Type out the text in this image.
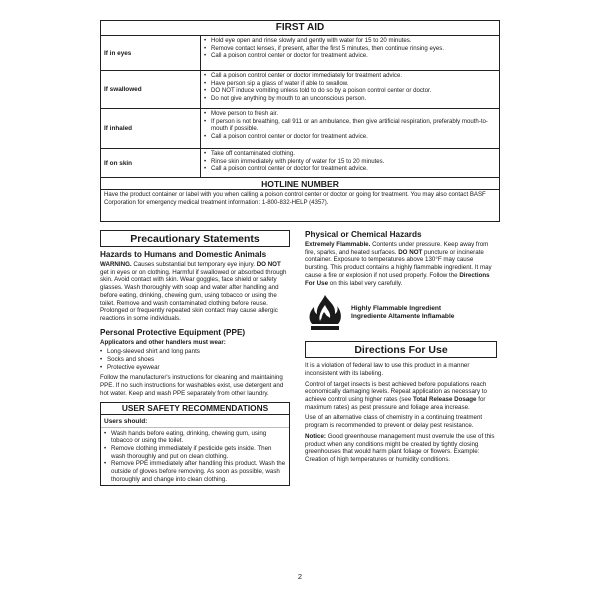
FIRST AID
If in eyes
• Hold eye open and rinse slowly and gently with water for 15 to 20 minutes.
• Remove contact lenses, if present, after the first 5 minutes, then continue rinsing eyes.
• Call a poison control center or doctor for treatment advice.
If swallowed
• Call a poison control center or doctor immediately for treatment advice.
• Have person sip a glass of water if able to swallow.
• DO NOT induce vomiting unless told to do so by a poison control center or doctor.
• Do not give anything by mouth to an unconscious person.
If inhaled
• Move person to fresh air.
• If person is not breathing, call 911 or an ambulance, then give artificial respiration, preferably mouth-to-mouth if possible.
• Call a poison control center or doctor for treatment advice.
If on skin
• Take off contaminated clothing.
• Rinse skin immediately with plenty of water for 15 to 20 minutes.
• Call a poison control center or doctor for treatment advice.
HOTLINE NUMBER
Have the product container or label with you when calling a poison control center or doctor or going for treatment. You may also contact BASF Corporation for emergency medical treatment information: 1-800-832-HELP (4357).
Precautionary Statements
Hazards to Humans and Domestic Animals

WARNING. Causes substantial but temporary eye injury. DO NOT get in eyes or on clothing. Harmful if swallowed or absorbed through skin. Avoid contact with skin. Wear goggles, face shield or safety glasses. Wash thoroughly with soap and water after handling and before eating, drinking, chewing gum, using tobacco or using the toilet. Remove and wash contaminated clothing before reuse. Prolonged or frequently repeated skin contact may cause allergic reactions in some individuals.

Personal Protective Equipment (PPE)

Applicators and other handlers must wear:

• Long-sleeved shirt and long pants
• Socks and shoes
• Protective eyewear

Follow the manufacturer's instructions for cleaning and maintaining PPE. If no such instructions for washables exist, use detergent and hot water. Keep and wash PPE separately from other laundry.

USER SAFETY RECOMMENDATIONS
Users should:
• Wash hands before eating, drinking, chewing gum, using tobacco or using the toilet.
• Remove clothing immediately if pesticide gets inside. Then wash thoroughly and put on clean clothing.
• Remove PPE immediately after handling this product. Wash the outside of gloves before removing. As soon as possible, wash thoroughly and change into clean clothing.
Physical or Chemical Hazards

Extremely Flammable. Contents under pressure. Keep away from fire, sparks, and heated surfaces. DO NOT puncture or incinerate container. Exposure to temperatures above 130°F may cause bursting. This product contains a highly flammable ingredient. It may cause a fire or explosion if not used properly. Follow the Directions For Use on this label very carefully.

Highly Flammable Ingredient
Ingrediente Altamente Inflamable
Directions For Use

It is a violation of federal law to use this product in a manner inconsistent with its labeling.

Control of target insects is best achieved before populations reach economically damaging levels. Repeat application as necessary to achieve control using higher rates (see Total Release Dosage for maximum rates) as pest pressure and foliage area increase.

Use of an alternative class of chemistry in a continuing treatment program is recommended to prevent or delay pest resistance.

Notice: Good greenhouse management must overrule the use of this product when any conditions might be created by tightly closing greenhouses that would harm plant foliage or flowers. Example: Creation of high temperatures or humidity conditions.

2
